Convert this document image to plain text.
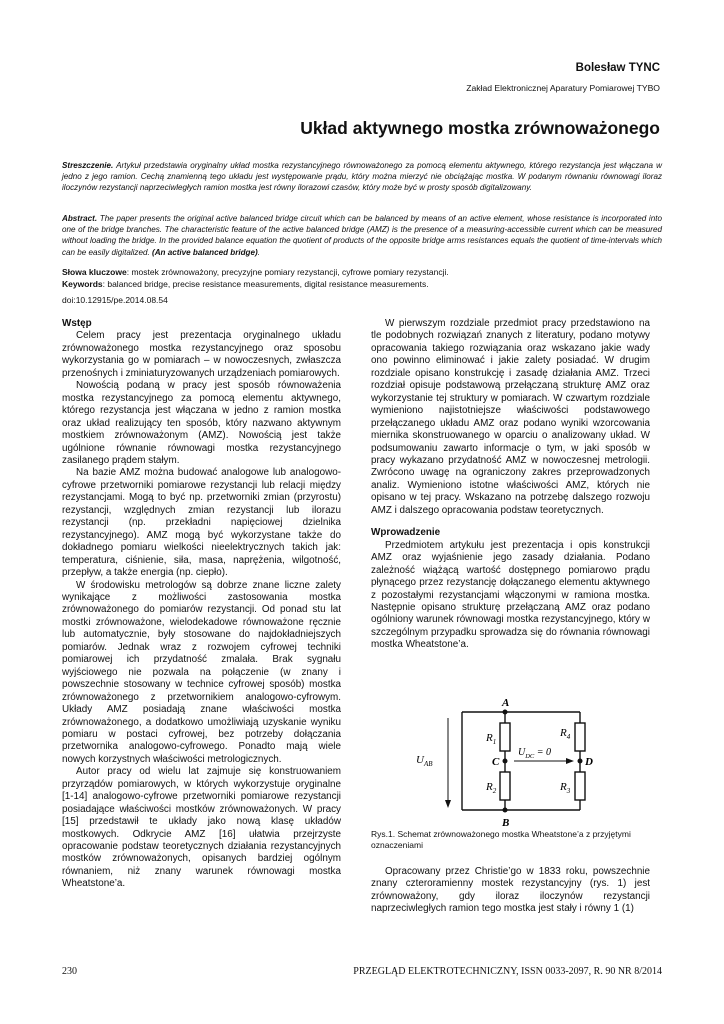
Bolesław TYNC
Zakład Elektronicznej Aparatury Pomiarowej TYBO
Układ aktywnego mostka zrównoważonego
Streszczenie. Artykuł przedstawia oryginalny układ mostka rezystancyjnego równoważonego za pomocą elementu aktywnego, którego rezystancja jest włączana w jedno z jego ramion. Cechą znamienną tego układu jest występowanie prądu, który można mierzyć nie obciążając mostka. W podanym równaniu równowagi iloraz iloczynów rezystancji naprzeciwległych ramion mostka jest równy ilorazowi czasów, który może być w prosty sposób digitalizowany.
Abstract. The paper presents the original active balanced bridge circuit which can be balanced by means of an active element, whose resistance is incorporated into one of the bridge branches. The characteristic feature of the active balanced bridge (AMZ) is the presence of a measuring-accessible current which can be measured without loading the bridge. In the provided balance equation the quotient of products of the opposite bridge arms resistances equals the quotient of time-intervals which can be easily digitalized. (An active balanced bridge).
Słowa kluczowe: mostek zrównoważony, precyzyjne pomiary rezystancji, cyfrowe pomiary rezystancji.
Keywords: balanced bridge, precise resistance measurements, digital resistance measurements.
doi:10.12915/pe.2014.08.54
Wstęp

Celem pracy jest prezentacja oryginalnego układu zrównoważonego mostka rezystancyjnego oraz sposobu wykorzystania go w pomiarach – w nowoczesnych, zwłaszcza przenośnych i zminiaturyzowanych urządzeniach pomiarowych.

Nowością podaną w pracy jest sposób równoważenia mostka rezystancyjnego za pomocą elementu aktywnego, którego rezystancja jest włączana w jedno z ramion mostka oraz układ realizujący ten sposób, który nazwano aktywnym mostkiem zrównoważonym (AMZ). Nowością jest także ugólnione równanie równowagi mostka rezystancyjnego zasilanego prądem stałym.

Na bazie AMZ można budować analogowe lub analogowo-cyfrowe przetworniki pomiarowe rezystancji lub relacji między rezystancjami. Mogą to być np. przetworniki zmian (przyrostu) rezystancji, względnych zmian rezystancji lub ilorazu rezystancji (np. przekładni napięciowej dzielnika rezystancyjnego). AMZ mogą być wykorzystane także do dokładnego pomiaru wielkości nieelektrycznych takich jak: temperatura, ciśnienie, siła, masa, naprężenia, wilgotność, przepływ, a także energia (np. ciepło).

W środowisku metrologów są dobrze znane liczne zalety wynikające z możliwości zastosowania mostka zrównoważonego do pomiarów rezystancji. Od ponad stu lat mostki zrównoważone, wielodekadowe równoważone ręcznie lub automatycznie, były stosowane do najdokładniejszych pomiarów. Jednak wraz z rozwojem cyfrowej techniki pomiarowej ich przydatność zmalała. Brak sygnału wyjściowego nie pozwala na połączenie (w znany i powszechnie stosowany w technice cyfrowej sposób) mostka zrównoważonego z przetwornikiem analogowo-cyfrowym. Układy AMZ posiadają znane właściwości mostka zrównoważonego, a dodatkowo umożliwiają uzyskanie wyniku pomiaru w postaci cyfrowej, bez potrzeby dołączania przetwornika analogowo-cyfrowego. Ponadto mają wiele nowych korzystnych właściwości metrologicznych.

Autor pracy od wielu lat zajmuje się konstruowaniem przyrządów pomiarowych, w których wykorzystuje oryginalne [1-14] analogowo-cyfrowe przetworniki pomiarowe rezystancji posiadające właściwości mostków zrównoważonych. W pracy [15] przedstawił te układy jako nową klasę układów mostkowych. Odkrycie AMZ [16] ułatwia przejrzyste opracowanie podstaw teoretycznych działania rezystancyjnych mostków zrównoważonych, opisanych bardziej ogólnym równaniem, niż znany warunek równowagi mostka Wheatstone’a.

W pierwszym rozdziale przedmiot pracy przedstawiono na tle podobnych rozwiązań znanych z literatury, podano motywy opracowania takiego rozwiązania oraz wskazano jakie wady ono powinno eliminować i jakie zalety posiadać. W drugim rozdziale opisano konstrukcję i zasadę działania AMZ. Trzeci rozdział opisuje podstawową przełączaną strukturę AMZ oraz wykorzystanie tej struktury w pomiarach. W czwartym rozdziale wymieniono najistotniejsze właściwości podstawowego przełączanego układu AMZ oraz podano wyniki wzorcowania miernika skonstruowanego w oparciu o analizowany układ. W podsumowaniu zawarto informacje o tym, w jaki sposób w pracy wykazano przydatność AMZ w nowoczesnej metrologii. Zwrócono uwagę na ograniczony zakres przeprowadzonych analiz. Wymieniono istotne właściwości AMZ, których nie opisano w tej pracy. Wskazano na potrzebę dalszego rozwoju AMZ i dalszego opracowania podstaw teoretycznych.

Wprowadzenie

Przedmiotem artykułu jest prezentacja i opis konstrukcji AMZ oraz wyjaśnienie jego zasady działania. Podano zależność wiążącą wartość dostępnego pomiarowo prądu płynącego przez rezystancję dołączanego elementu aktywnego z pozostałymi rezystancjami włączonymi w ramiona mostka. Następnie opisano strukturę przełączaną AMZ oraz podano ogólniony warunek równowagi mostka rezystancyjnego, który w szczególnym przypadku sprowadza się do równania równowagi mostka Wheatstone’a.

A
B
C	D
$R_1$
$R_2$	$R_3$
$R_4$
$U_{AB}$
$U_{DC} = 0$
Rys.1. Schemat zrównoważonego mostka Wheatstone’a z przyjętymi oznaczeniami

Opracowany przez Christie’go w 1833 roku, powszechnie znany czteroramienny mostek rezystancyjny (rys. 1) jest zrównoważony, gdy iloraz iloczynów rezystancji naprzeciwległych ramion tego mostka jest stały i równy 1 (1)

230	PRZEGLĄD ELEKTROTECHNICZNY, ISSN 0033-2097, R. 90 NR 8/2014
